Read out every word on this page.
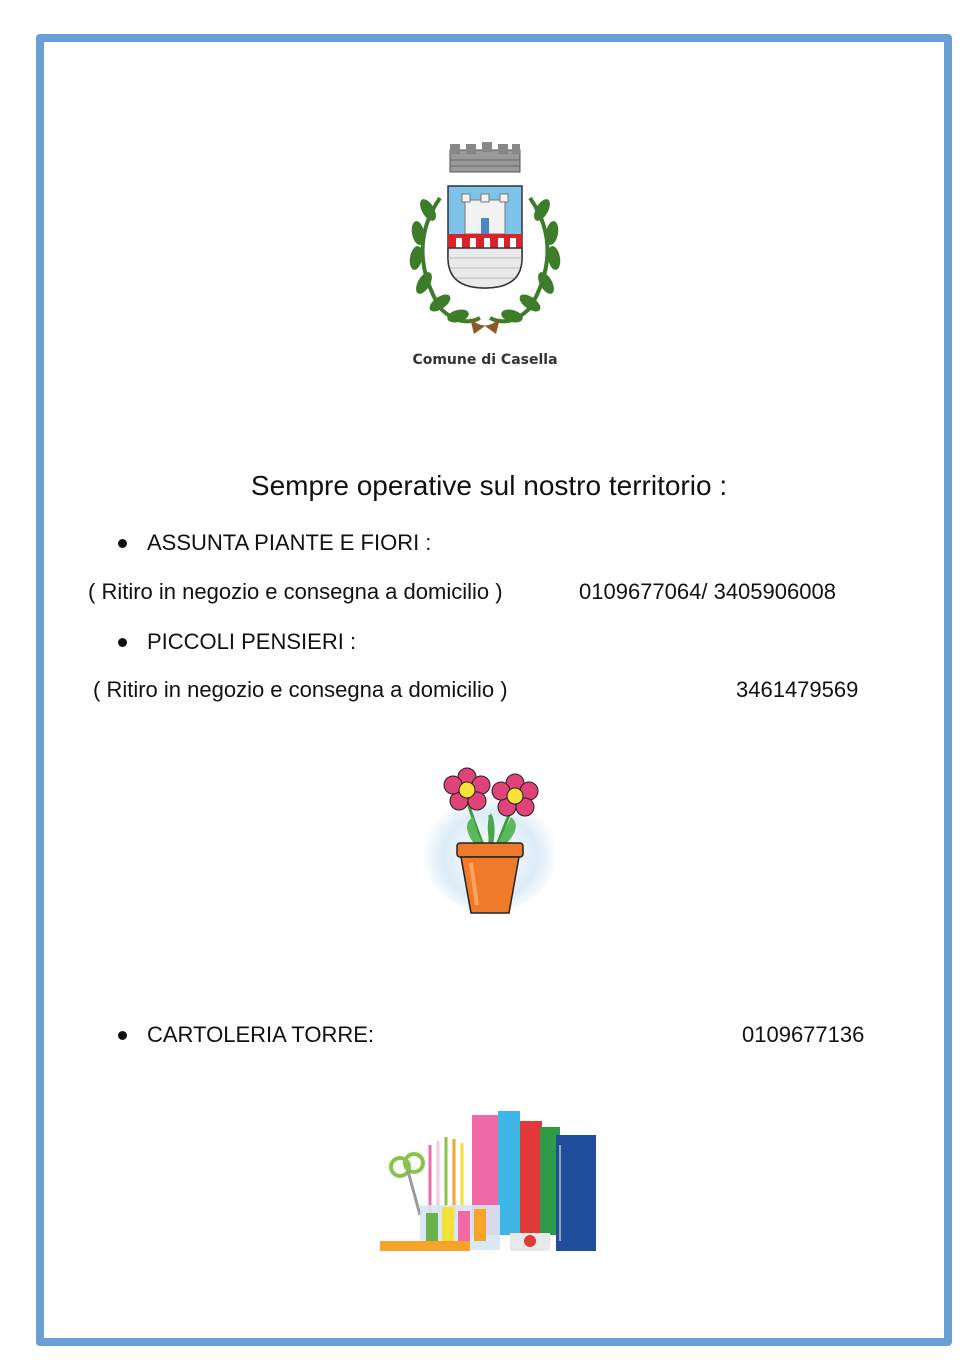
Comune di Casella
Sempre operative sul nostro territorio :
ASSUNTA PIANTE E FIORI :
( Ritiro in negozio e consegna a domicilio )	0109677064/ 3405906008
PICCOLI PENSIERI :
( Ritiro in negozio e consegna a domicilio )	3461479569
CARTOLERIA TORRE:	0109677136
